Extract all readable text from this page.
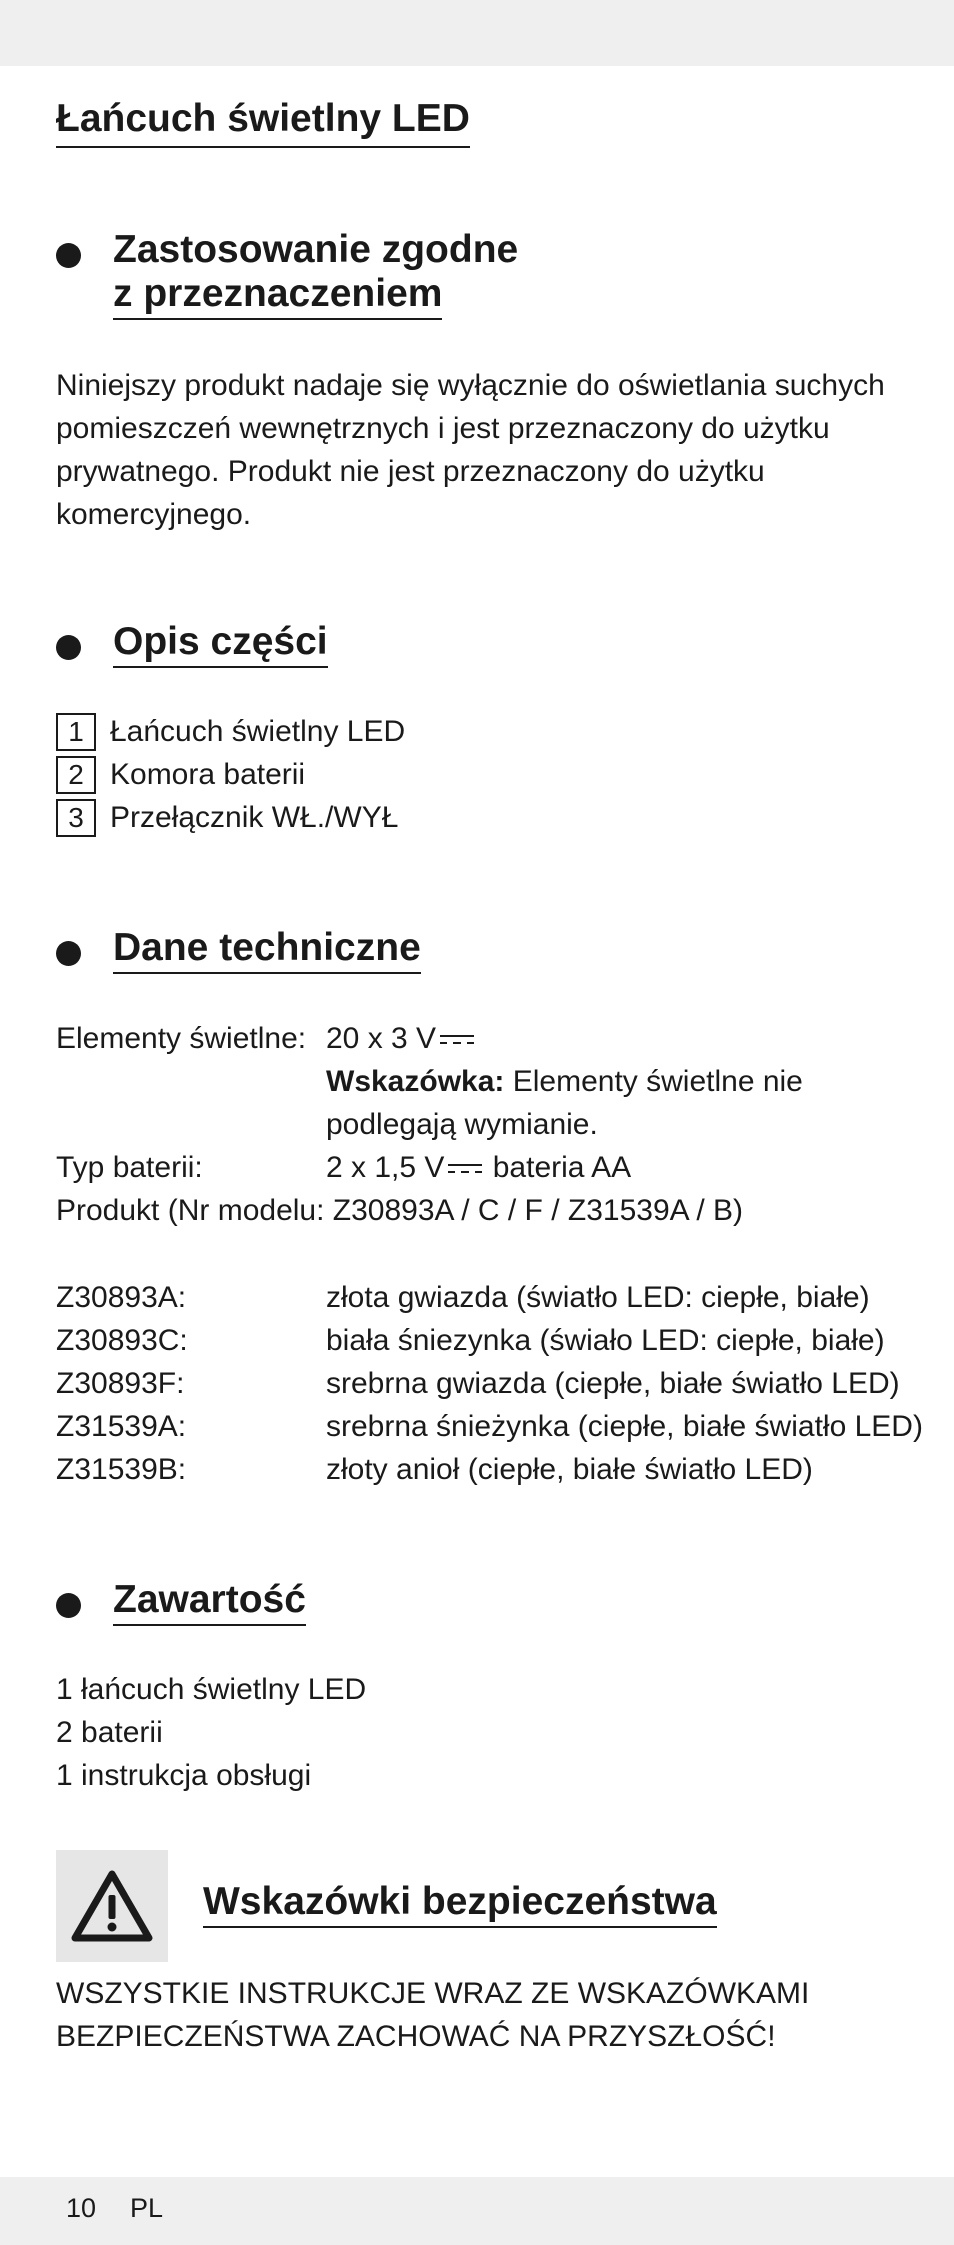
Łańcuch świetlny LED
Zastosowanie zgodne
z przeznaczeniem

Niniejszy produkt nadaje się wyłącznie do oświetlania suchych pomieszczeń wewnętrznych i jest przeznaczony do użytku prywatnego. Produkt nie jest przeznaczony do użytku komercyjnego.

Opis części
1 Łańcuch świetlny LED
2 Komora baterii
3 Przełącznik WŁ./WYŁ
Dane techniczne
Elementy świetlne: 20 x 3 V
Wskazówka: Elementy świetlne nie
podlegają wymianie.
Typ baterii:	2 x 1,5 V bateria AA
Produkt (Nr modelu: Z30893A / C / F / Z31539A / B)
Z30893A:	złota gwiazda (światło LED: ciepłe, białe)
Z30893C:	biała śniezynka (świało LED: ciepłe, białe)
Z30893F:	srebrna gwiazda (ciepłe, białe światło LED)
Z31539A:	srebrna śnieżynka (ciepłe, białe światło LED)
Z31539B:	złoty anioł (ciepłe, białe światło LED)
Zawartość
1 łańcuch świetlny LED
2 baterii
1 instrukcja obsługi
Wskazówki bezpieczeństwa

WSZYSTKIE INSTRUKCJE WRAZ ZE WSKAZÓWKAMI
BEZPIECZEŃSTWA ZACHOWAĆ NA PRZYSZŁOŚĆ!

10 PL
